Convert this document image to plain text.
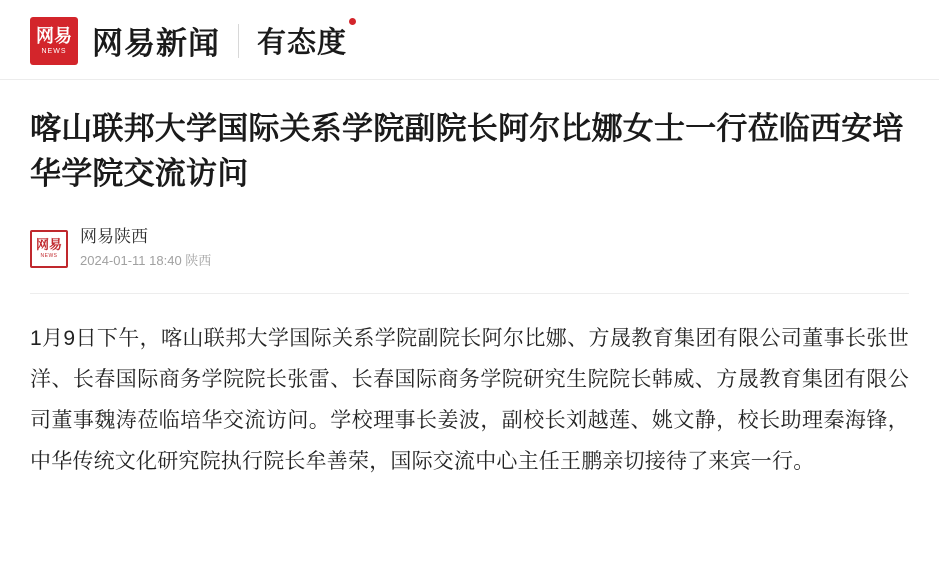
网易
NEWS 网易新闻 有态度
喀山联邦大学国际关系学院副院长阿尔比娜女士一行莅临西安培华学院交流访问
网易
NEWS
网易陕西
2024-01-11 18:40 陕西

1月9日下午，喀山联邦大学国际关系学院副院长阿尔比娜、方晟教育集团有限公司董事长张世洋、长春国际商务学院院长张雷、长春国际商务学院研究生院院长韩威、方晟教育集团有限公司董事魏涛莅临培华交流访问。学校理事长姜波，副校长刘越莲、姚文静，校长助理秦海锋，中华传统文化研究院执行院长牟善荣，国际交流中心主任王鹏亲切接待了来宾一行。
